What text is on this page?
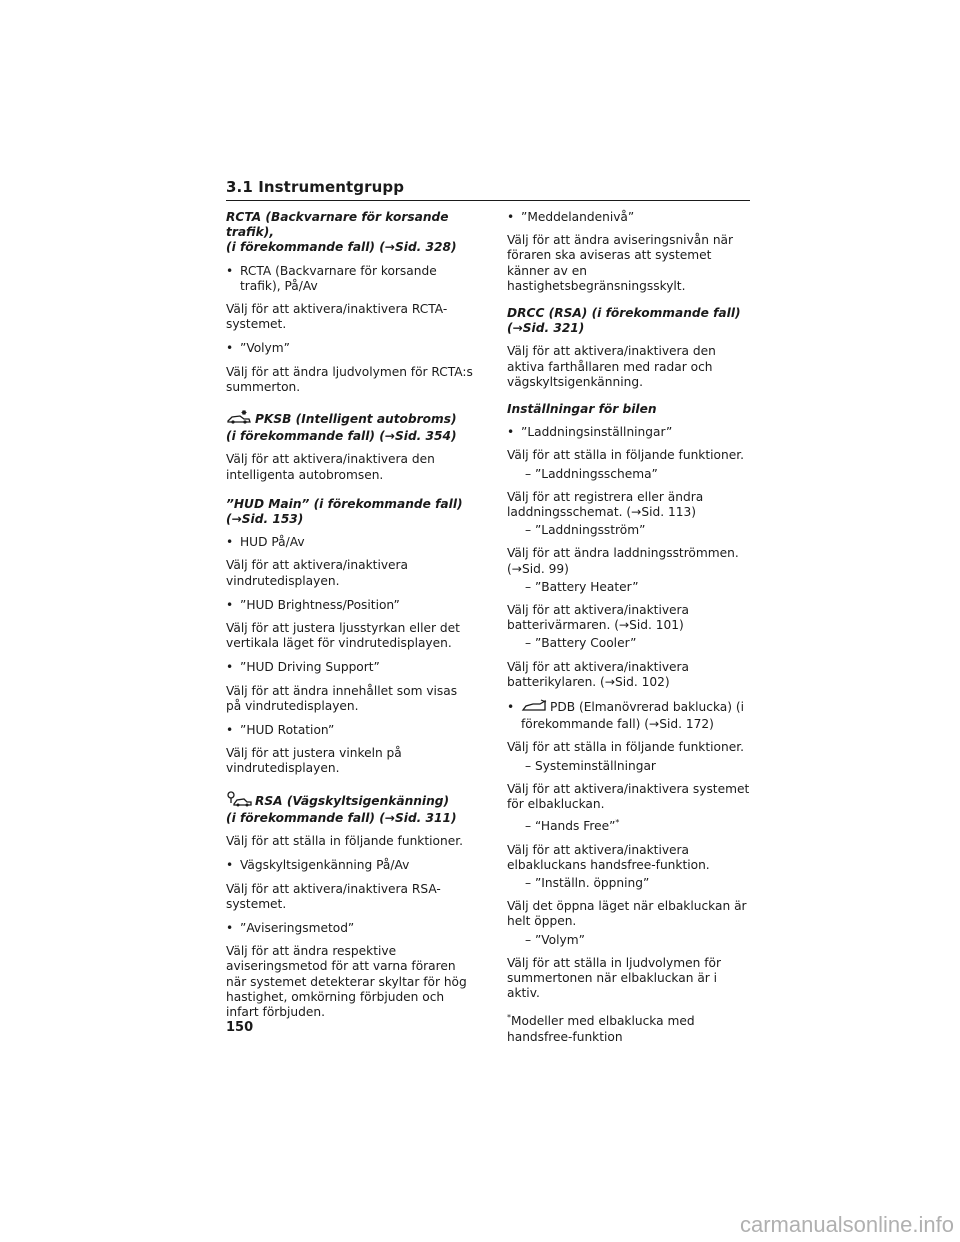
3.1 Instrumentgrupp
RCTA (Backvarnare för korsande trafik),
(i förekommande fall) (→Sid. 328)
• RCTA (Backvarnare för korsande trafik), På/Av
Välj för att aktivera/inaktivera RCTA-systemet.
• ”Volym”
Välj för att ändra ljudvolymen för RCTA:s summerton.
PKSB (Intelligent autobroms)
(i förekommande fall) (→Sid. 354)
Välj för att aktivera/inaktivera den intelligenta autobromsen.
”HUD Main” (i förekommande fall)
(→Sid. 153)
• HUD På/Av
Välj för att aktivera/inaktivera vindrutedisplayen.
• ”HUD Brightness/Position”
Välj för att justera ljusstyrkan eller det vertikala läget för vindrutedisplayen.
• ”HUD Driving Support”
Välj för att ändra innehållet som visas på vindrutedisplayen.
• ”HUD Rotation”
Välj för att justera vinkeln på vindrutedisplayen.
RSA (Vägskyltsigenkänning)
(i förekommande fall) (→Sid. 311)
Välj för att ställa in följande funktioner.
• Vägskyltsigenkänning På/Av
Välj för att aktivera/inaktivera RSA-systemet.
• ”Aviseringsmetod”
Välj för att ändra respektive aviseringsmetod för att varna föraren när systemet detekterar skyltar för hög hastighet, omkörning förbjuden och infart förbjuden.
• ”Meddelandenivå”
Välj för att ändra aviseringsnivån när föraren ska aviseras att systemet känner av en hastighetsbegränsningsskylt.
DRCC (RSA) (i förekommande fall)
(→Sid. 321)
Välj för att aktivera/inaktivera den aktiva farthållaren med radar och vägskyltsigenkänning.
Inställningar för bilen
• ”Laddningsinställningar”
Välj för att ställa in följande funktioner.
– ”Laddningsschema”
Välj för att registrera eller ändra laddningsschemat. (→Sid. 113)
– ”Laddningsström”
Välj för att ändra laddningsströmmen. (→Sid. 99)
– ”Battery Heater”
Välj för att aktivera/inaktivera batterivärmaren. (→Sid. 101)
– ”Battery Cooler”
Välj för att aktivera/inaktivera batterikylaren. (→Sid. 102)
•	PDB (Elmanövrerad baklucka) (i förekommande fall) (→Sid. 172)
Välj för att ställa in följande funktioner.
– Systeminställningar
Välj för att aktivera/inaktivera systemet för elbakluckan.
– “Hands Free”*
Välj för att aktivera/inaktivera elbakluckans handsfree-funktion.
– ”Inställn. öppning”
Välj det öppna läget när elbakluckan är helt öppen.
– ”Volym”
Välj för att ställa in ljudvolymen för summertonen när elbakluckan är i aktiv.
*Modeller med elbaklucka med handsfree-funktion
150
carmanualsonline.info
